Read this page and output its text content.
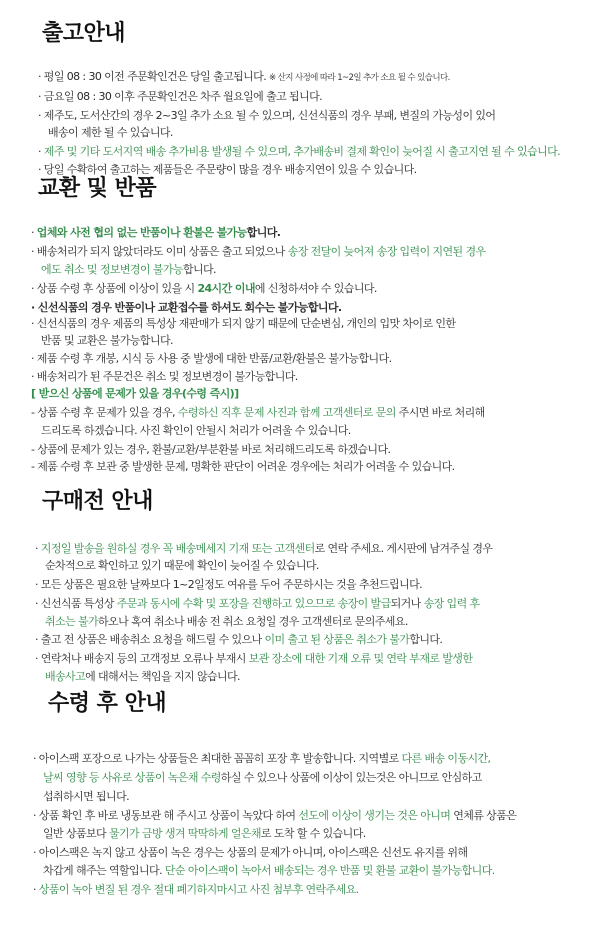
출고안내
· 평일 08 : 30 이전 주문확인건은 당일 출고됩니다. ※ 산지 사정에 따라 1~2일 추가 소요 될 수 있습니다.
· 금요일 08 : 30 이후 주문확인건은 차주 월요일에 출고 됩니다.
· 제주도, 도서산간의 경우 2~3일 추가 소요 될 수 있으며, 신선식품의 경우 부패, 변질의 가능성이 있어
배송이 제한 될 수 있습니다.
· 제주 및 기타 도서지역 배송 추가비용 발생될 수 있으며, 추가배송비 결제 확인이 늦어질 시 출고지연 될 수 있습니다.
· 당일 수확하여 출고하는 제품들은 주문량이 많을 경우 배송지연이 있을 수 있습니다.
교환 및 반품
· 업체와 사전 협의 없는 반품이나 환불은 불가능합니다.
· 배송처리가 되지 않았더라도 이미 상품은 출고 되었으나 송장 전달이 늦어져 송장 입력이 지연된 경우
에도 취소 및 정보변경이 불가능합니다.
· 상품 수령 후 상품에 이상이 있을 시 24시간 이내에 신청하셔야 수 있습니다.
· 신선식품의 경우 반품이나 교환접수를 하셔도 회수는 불가능합니다.
· 신선식품의 경우 제품의 특성상 재판매가 되지 않기 때문에 단순변심, 개인의 입맛 차이로 인한
반품 및 교환은 불가능합니다.
· 제품 수령 후 개봉, 시식 등 사용 중 발생에 대한 반품/교환/환불은 불가능합니다.
· 배송처리가 된 주문건은 취소 및 정보변경이 불가능합니다.
[ 받으신 상품에 문제가 있을 경우(수령 즉시)]
- 상품 수령 후 문제가 있을 경우, 수령하신 직후 문제 사진과 함께 고객센터로 문의 주시면 바로 처리해
드리도록 하겠습니다. 사진 확인이 안될시 처리가 어려울 수 있습니다.
- 상품에 문제가 있는 경우, 환불/교환/부분환불 바로 처리해드리도록 하겠습니다.
- 제품 수령 후 보관 중 발생한 문제, 명확한 판단이 어려운 경우에는 처리가 어려울 수 있습니다.
구매전 안내
· 지정일 발송을 원하실 경우 꼭 배송메세지 기재 또는 고객센터로 연락 주세요. 게시판에 남겨주실 경우
순차적으로 확인하고 있기 때문에 확인이 늦어질 수 있습니다.
· 모든 상품은 필요한 날짜보다 1~2일정도 여유를 두어 주문하시는 것을 추천드립니다.
· 신선식품 특성상 주문과 동시에 수확 및 포장을 진행하고 있으므로 송장이 발급되거나 송장 입력 후
취소는 불가하오나 혹여 취소나 배송 전 취소 요청일 경우 고객센터로 문의주세요.
· 출고 전 상품은 배송취소 요청을 해드릴 수 있으나 이미 출고 된 상품은 취소가 불가합니다.
· 연락처나 배송지 등의 고객정보 오류나 부재시 보관 장소에 대한 기재 오류 및 연락 부재로 발생한
배송사고에 대해서는 책임을 지지 않습니다.
수령 후 안내
· 아이스팩 포장으로 나가는 상품들은 최대한 꼼꼼히 포장 후 발송합니다. 지역별로 다른 배송 이동시간,
날씨 영향 등 사유로 상품이 녹은채 수령하실 수 있으나 상품에 이상이 있는것은 아니므로 안심하고
섭취하시면 됩니다.
· 상품 확인 후 바로 냉동보관 해 주시고 상품이 녹았다 하여 선도에 이상이 생기는 것은 아니며 연체류 상품은
일반 상품보다 물기가 금방 생겨 딱딱하게 얼은채로 도착 할 수 있습니다.
· 아이스팩은 녹지 않고 상품이 녹은 경우는 상품의 문제가 아니며, 아이스팩은 신선도 유지를 위해
차갑게 해주는 역할입니다. 단순 아이스팩이 녹아서 배송되는 경우 반품 및 환불 교환이 불가능합니다.
· 상품이 녹아 변질 된 경우 절대 폐기하지마시고 사진 첨부후 연락주세요.
